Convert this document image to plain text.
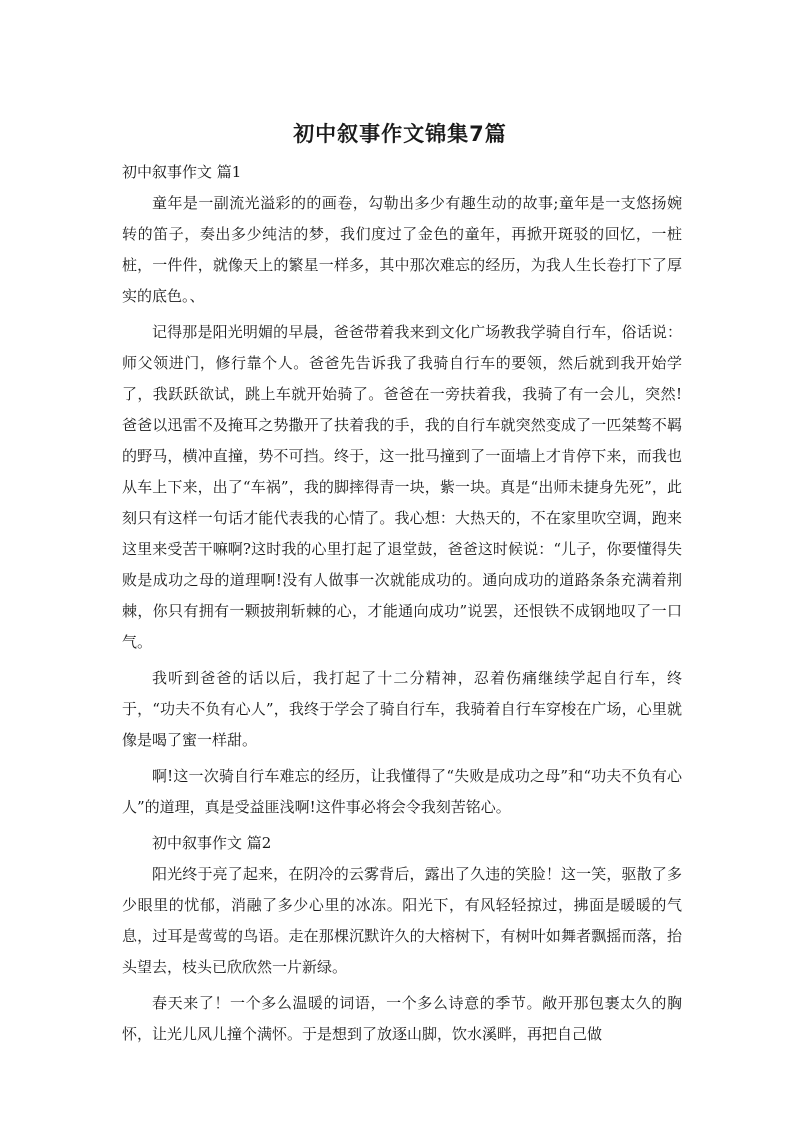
初中叙事作文锦集7篇

初中叙事作文 篇1

童年是一副流光溢彩的的画卷，勾勒出多少有趣生动的故事;童年是一支悠扬婉转的笛子，奏出多少纯洁的梦，我们度过了金色的童年，再掀开斑驳的回忆，一桩桩，一件件，就像天上的繁星一样多，其中那次难忘的经历，为我人生长卷打下了厚实的底色。、

记得那是阳光明媚的早晨，爸爸带着我来到文化广场教我学骑自行车，俗话说：师父领进门，修行靠个人。爸爸先告诉我了我骑自行车的要领，然后就到我开始学了，我跃跃欲试，跳上车就开始骑了。爸爸在一旁扶着我，我骑了有一会儿，突然!爸爸以迅雷不及掩耳之势撒开了扶着我的手，我的自行车就突然变成了一匹桀骜不羁的野马，横冲直撞，势不可挡。终于，这一批马撞到了一面墙上才肯停下来，而我也从车上下来，出了“车祸”，我的脚摔得青一块，紫一块。真是“出师未捷身先死”，此刻只有这样一句话才能代表我的心情了。我心想：大热天的，不在家里吹空调，跑来这里来受苦干嘛啊?这时我的心里打起了退堂鼓，爸爸这时候说：“儿子，你要懂得失败是成功之母的道理啊!没有人做事一次就能成功的。通向成功的道路条条充满着荆棘，你只有拥有一颗披荆斩棘的心，才能通向成功”说罢，还恨铁不成钢地叹了一口气。

我听到爸爸的话以后，我打起了十二分精神，忍着伤痛继续学起自行车，终于，“功夫不负有心人”，我终于学会了骑自行车，我骑着自行车穿梭在广场，心里就像是喝了蜜一样甜。

啊!这一次骑自行车难忘的经历，让我懂得了“失败是成功之母”和“功夫不负有心人”的道理，真是受益匪浅啊!这件事必将会令我刻苦铭心。

初中叙事作文 篇2

阳光终于亮了起来，在阴冷的云雾背后，露出了久违的笑脸！这一笑，驱散了多少眼里的忧郁，消融了多少心里的冰冻。阳光下，有风轻轻掠过，拂面是暖暖的气息，过耳是莺莺的鸟语。走在那棵沉默许久的大榕树下，有树叶如舞者飘摇而落，抬头望去，枝头已欣欣然一片新绿。

春天来了！一个多么温暖的词语，一个多么诗意的季节。敞开那包裹太久的胸怀，让光儿风儿撞个满怀。于是想到了放逐山脚，饮水溪畔，再把自己做
